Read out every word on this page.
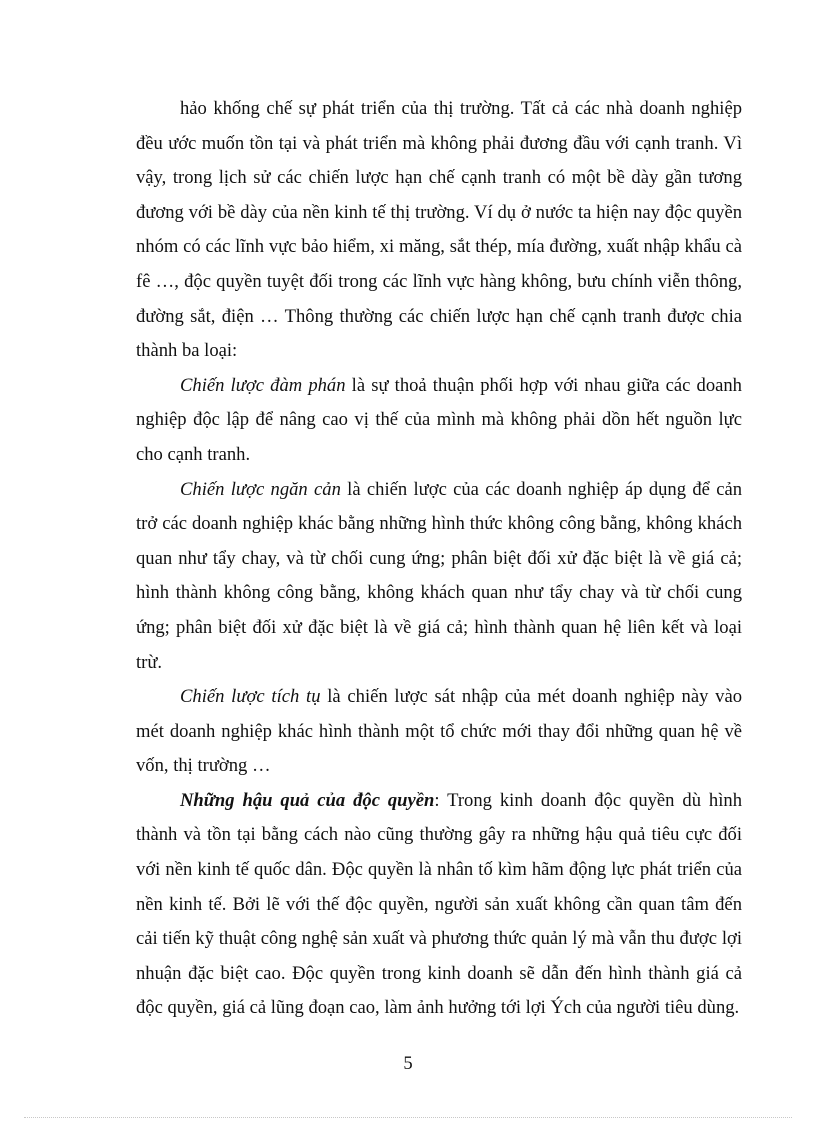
hảo khống chế sự phát triển của thị trường. Tất cả các nhà doanh nghiệp đều ước muốn tồn tại và phát triển mà không phải đương đầu với cạnh tranh. Vì vậy, trong lịch sử các chiến lược hạn chế cạnh tranh có một bề dày gần tương đương với bề dày của nền kinh tế thị trường. Ví dụ ở nước ta hiện nay độc quyền nhóm có các lĩnh vực bảo hiểm, xi măng, sắt thép, mía đường, xuất nhập khẩu cà fê …, độc quyền tuyệt đối trong các lĩnh vực hàng không, bưu chính viễn thông, đường sắt, điện … Thông thường các chiến lược hạn chế cạnh tranh được chia thành ba loại:

Chiến lược đàm phán là sự thoả thuận phối hợp với nhau giữa các doanh nghiệp độc lập để nâng cao vị thế của mình mà không phải dồn hết nguồn lực cho cạnh tranh.

Chiến lược ngăn cản là chiến lược của các doanh nghiệp áp dụng để cản trở các doanh nghiệp khác bằng những hình thức không công bằng, không khách quan như tẩy chay, và từ chối cung ứng; phân biệt đối xử đặc biệt là về giá cả; hình thành không công bằng, không khách quan như tẩy chay và từ chối cung ứng; phân biệt đối xử đặc biệt là về giá cả; hình thành quan hệ liên kết và loại trừ.

Chiến lược tích tụ là chiến lược sát nhập của mét doanh nghiệp này vào mét doanh nghiệp khác hình thành một tổ chức mới thay đổi những quan hệ về vốn, thị trường …

Những hậu quả của độc quyền: Trong kinh doanh độc quyền dù hình thành và tồn tại bằng cách nào cũng thường gây ra những hậu quả tiêu cực đối với nền kinh tế quốc dân. Độc quyền là nhân tố kìm hãm động lực phát triển của nền kinh tế. Bởi lẽ với thế độc quyền, người sản xuất không cần quan tâm đến cải tiến kỹ thuật công nghệ sản xuất và phương thức quản lý mà vẫn thu được lợi nhuận đặc biệt cao. Độc quyền trong kinh doanh sẽ dẫn đến hình thành giá cả độc quyền, giá cả lũng đoạn cao, làm ảnh hưởng tới lợi Ých của người tiêu dùng.

5
